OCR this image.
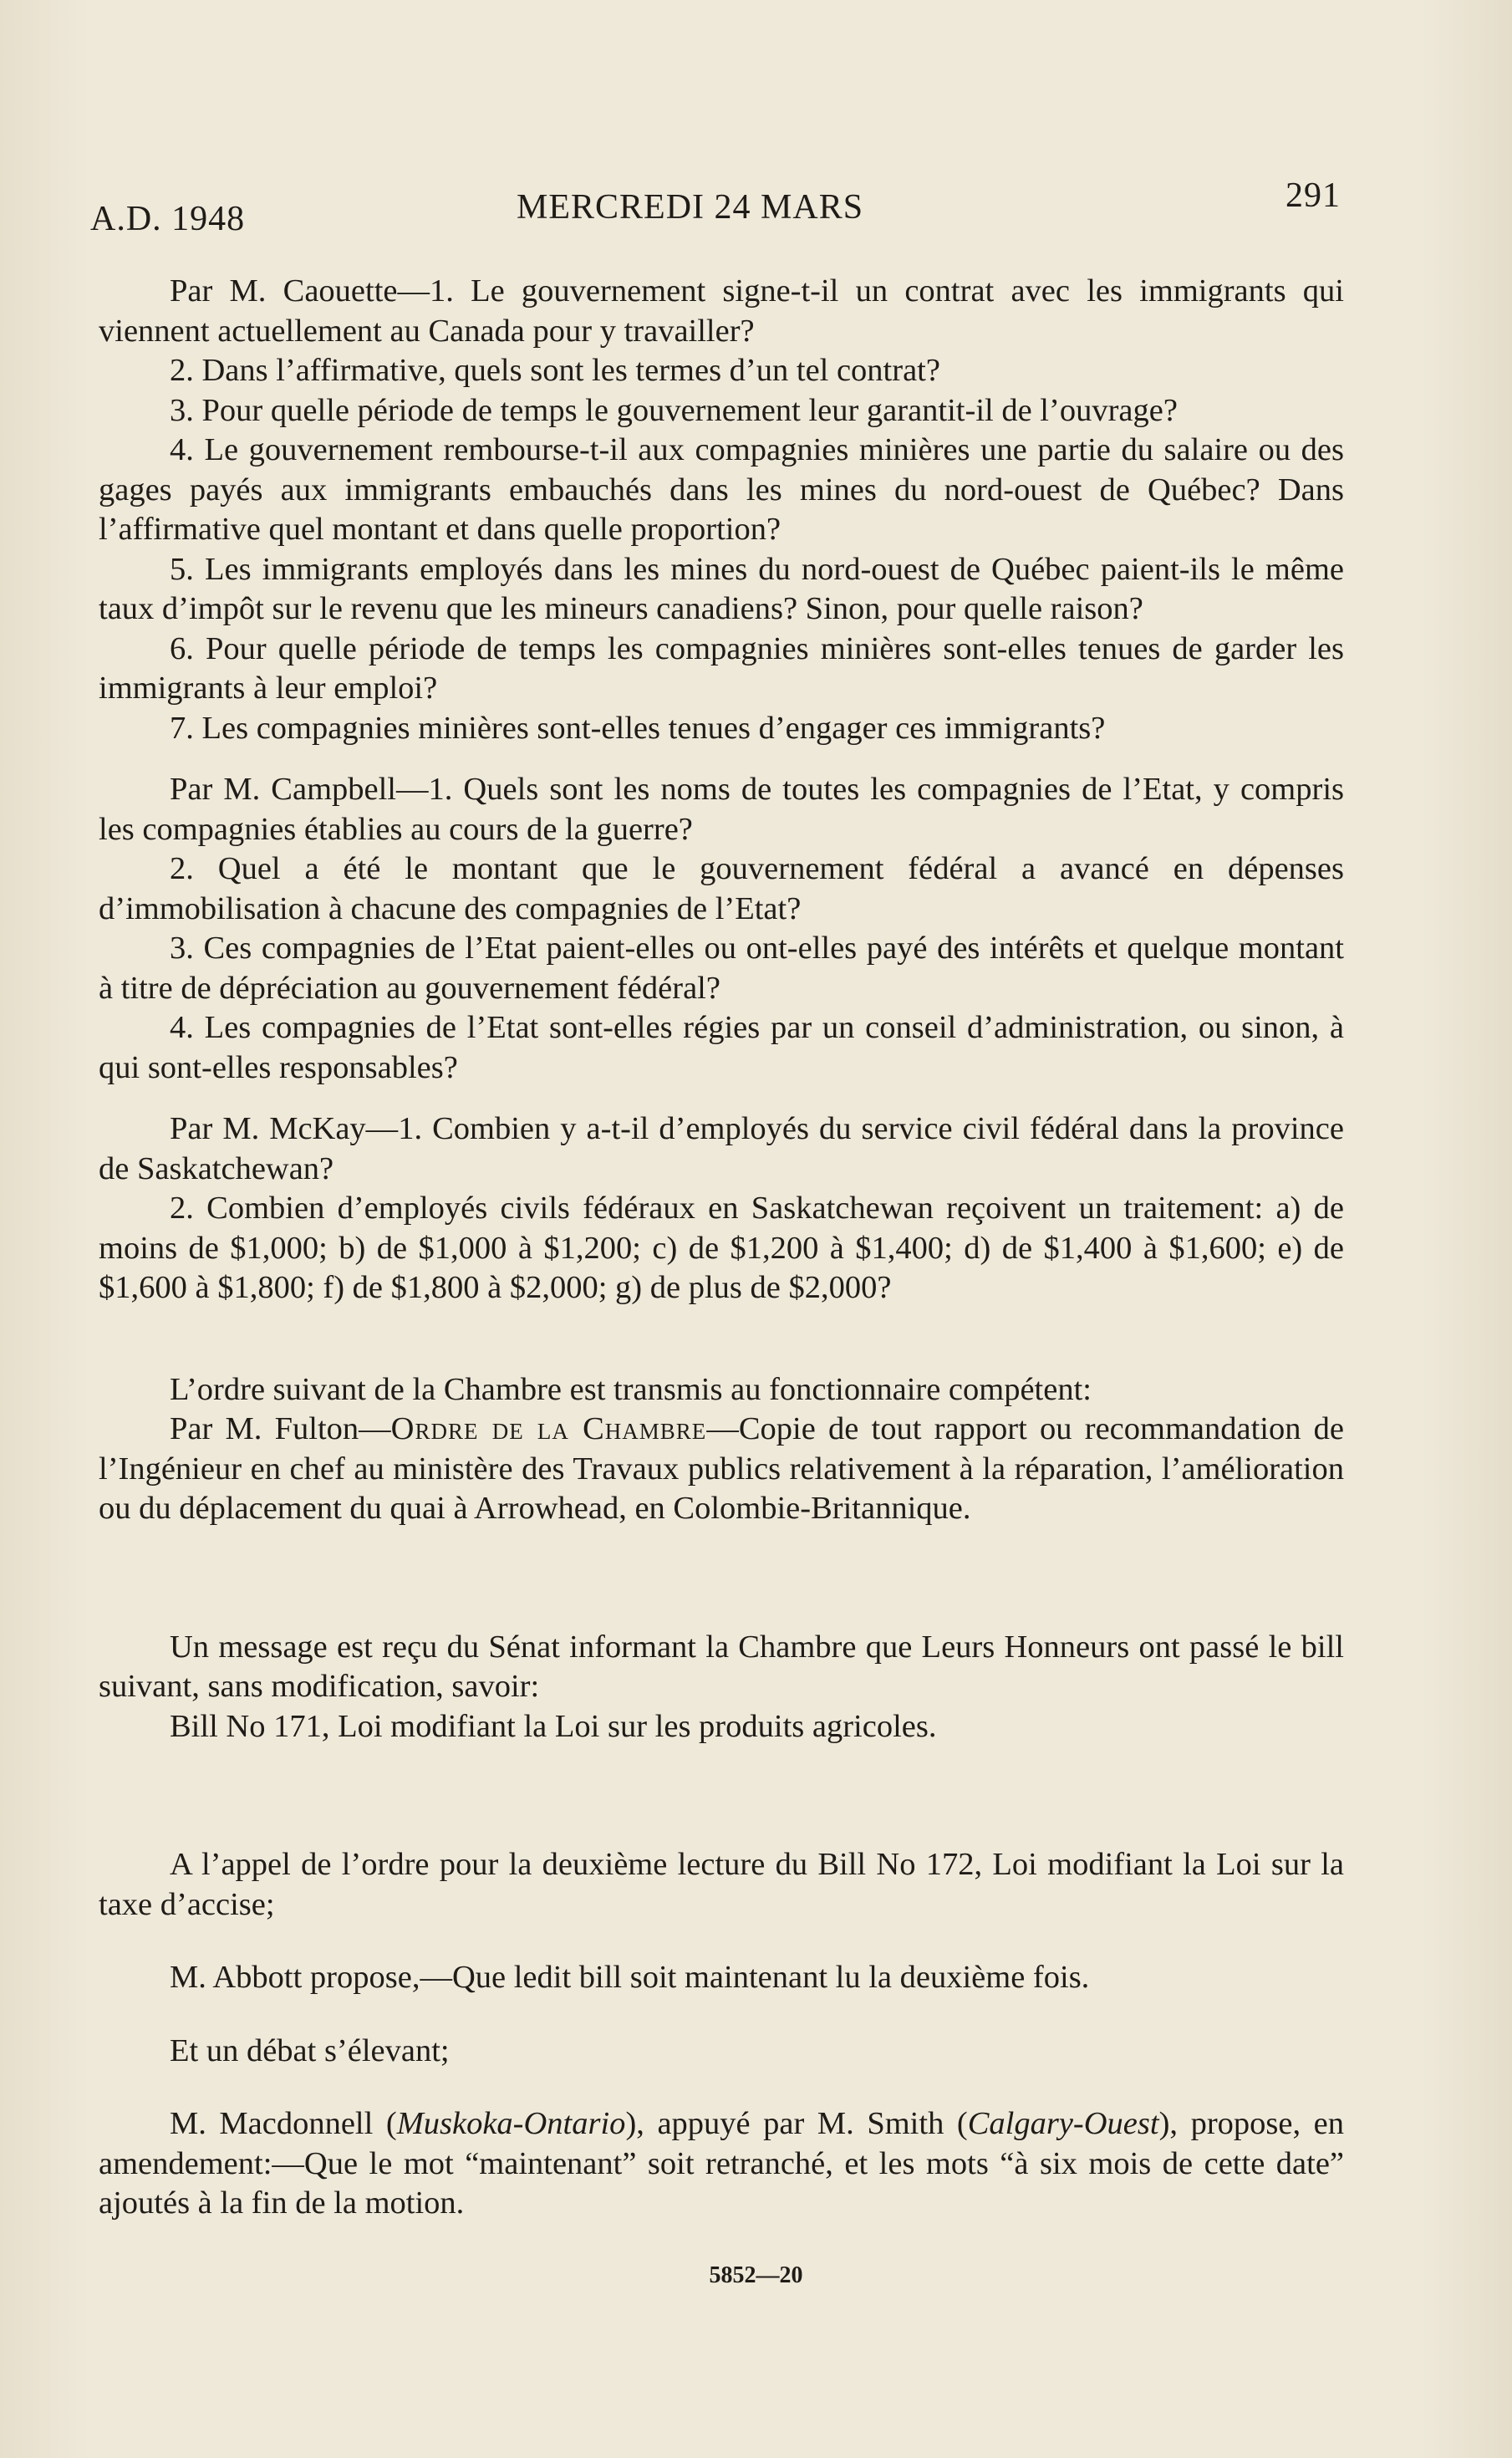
A.D. 1948	MERCREDI 24 MARS	291

Par M. Caouette—1. Le gouvernement signe-t-il un contrat avec les immigrants qui viennent actuellement au Canada pour y travailler?

2. Dans l’affirmative, quels sont les termes d’un tel contrat?

3. Pour quelle période de temps le gouvernement leur garantit-il de l’ouvrage?

4. Le gouvernement rembourse-t-il aux compagnies minières une partie du salaire ou des gages payés aux immigrants embauchés dans les mines du nord-ouest de Québec? Dans l’affirmative quel montant et dans quelle proportion?

5. Les immigrants employés dans les mines du nord-ouest de Québec paient-ils le même taux d’impôt sur le revenu que les mineurs canadiens? Sinon, pour quelle raison?

6. Pour quelle période de temps les compagnies minières sont-elles tenues de garder les immigrants à leur emploi?

7. Les compagnies minières sont-elles tenues d’engager ces immigrants?

Par M. Campbell—1. Quels sont les noms de toutes les compagnies de l’Etat, y compris les compagnies établies au cours de la guerre?

2. Quel a été le montant que le gouvernement fédéral a avancé en dépenses d’immobilisation à chacune des compagnies de l’Etat?

3. Ces compagnies de l’Etat paient-elles ou ont-elles payé des intérêts et quelque montant à titre de dépréciation au gouvernement fédéral?

4. Les compagnies de l’Etat sont-elles régies par un conseil d’administration, ou sinon, à qui sont-elles responsables?

Par M. McKay—1. Combien y a-t-il d’employés du service civil fédéral dans la province de Saskatchewan?

2. Combien d’employés civils fédéraux en Saskatchewan reçoivent un traitement: a) de moins de $1,000; b) de $1,000 à $1,200; c) de $1,200 à $1,400; d) de $1,400 à $1,600; e) de $1,600 à $1,800; f) de $1,800 à $2,000; g) de plus de $2,000?

L’ordre suivant de la Chambre est transmis au fonctionnaire compétent:

Par M. Fulton—Ordre de la Chambre—Copie de tout rapport ou recommandation de l’Ingénieur en chef au ministère des Travaux publics relativement à la réparation, l’amélioration ou du déplacement du quai à Arrowhead, en Colombie-Britannique.

Un message est reçu du Sénat informant la Chambre que Leurs Honneurs ont passé le bill suivant, sans modification, savoir:

Bill No 171, Loi modifiant la Loi sur les produits agricoles.

A l’appel de l’ordre pour la deuxième lecture du Bill No 172, Loi modifiant la Loi sur la taxe d’accise;

M. Abbott propose,—Que ledit bill soit maintenant lu la deuxième fois.

Et un débat s’élevant;

M. Macdonnell (Muskoka-Ontario), appuyé par M. Smith (Calgary-Ouest), propose, en amendement:—Que le mot “maintenant” soit retranché, et les mots “à six mois de cette date” ajoutés à la fin de la motion.

5852—20
